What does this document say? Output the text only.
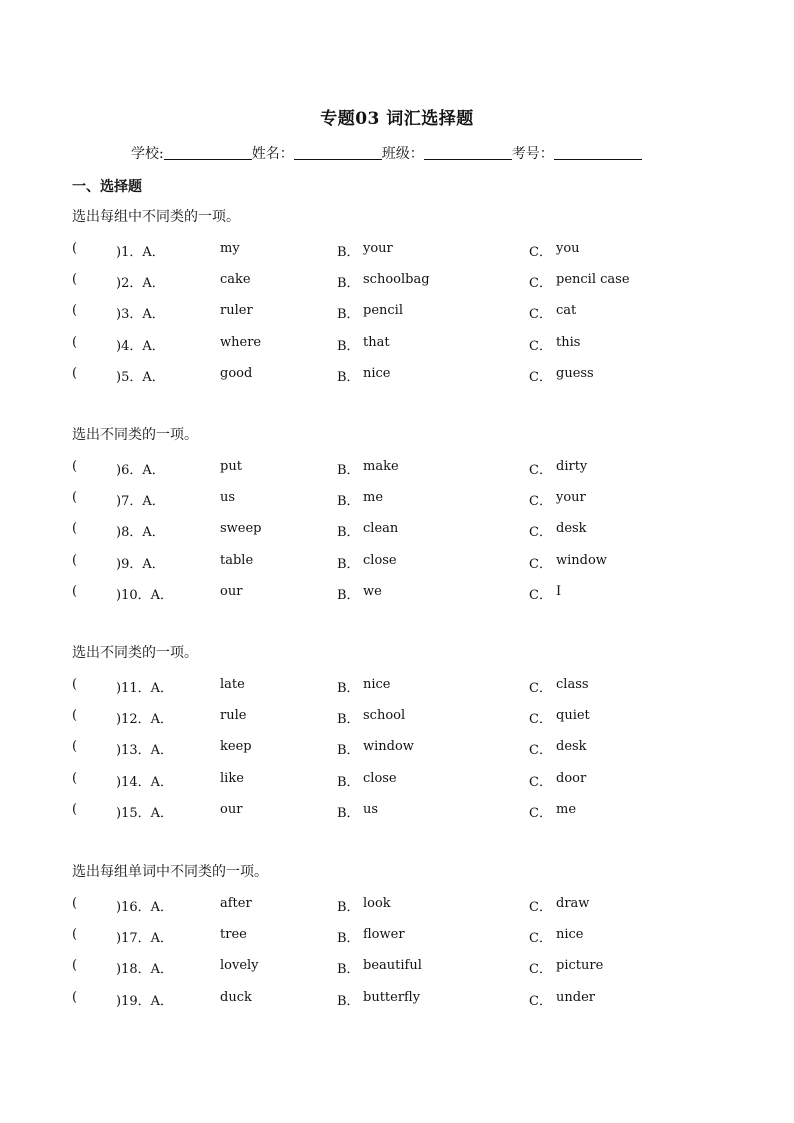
专题03 词汇选择题
学校:	姓名：	班级：	考号：
一、选择题
选出每组中不同类的一项。
(	)1．A．	my	B． your	C． you
(	)2．A．	cake	B． schoolbag	C． pencil case
(	)3．A．	ruler	B． pencil	C． cat
(	)4．A．	where	B． that	C． this
(	)5．A．	good	B． nice	C． guess
选出不同类的一项。
(	)6．A．	put	B． make	C． dirty
(	)7．A．	us	B． me	C． your
(	)8．A．	sweep	B． clean	C． desk
(	)9．A．	table	B． close	C． window
(	)10．A．	our	B． we	C． I
选出不同类的一项。
(	)11．A．	late	B． nice	C． class
(	)12．A．	rule	B． school	C． quiet
(	)13．A．	keep	B． window	C． desk
(	)14．A．	like	B． close	C． door
(	)15．A．	our	B． us	C． me
选出每组单词中不同类的一项。
(	)16．A．	after	B． look	C． draw
(	)17．A．	tree	B． flower	C． nice
(	)18．A．	lovely	B． beautiful	C． picture
(	)19．A．	duck	B． butterfly	C． under
